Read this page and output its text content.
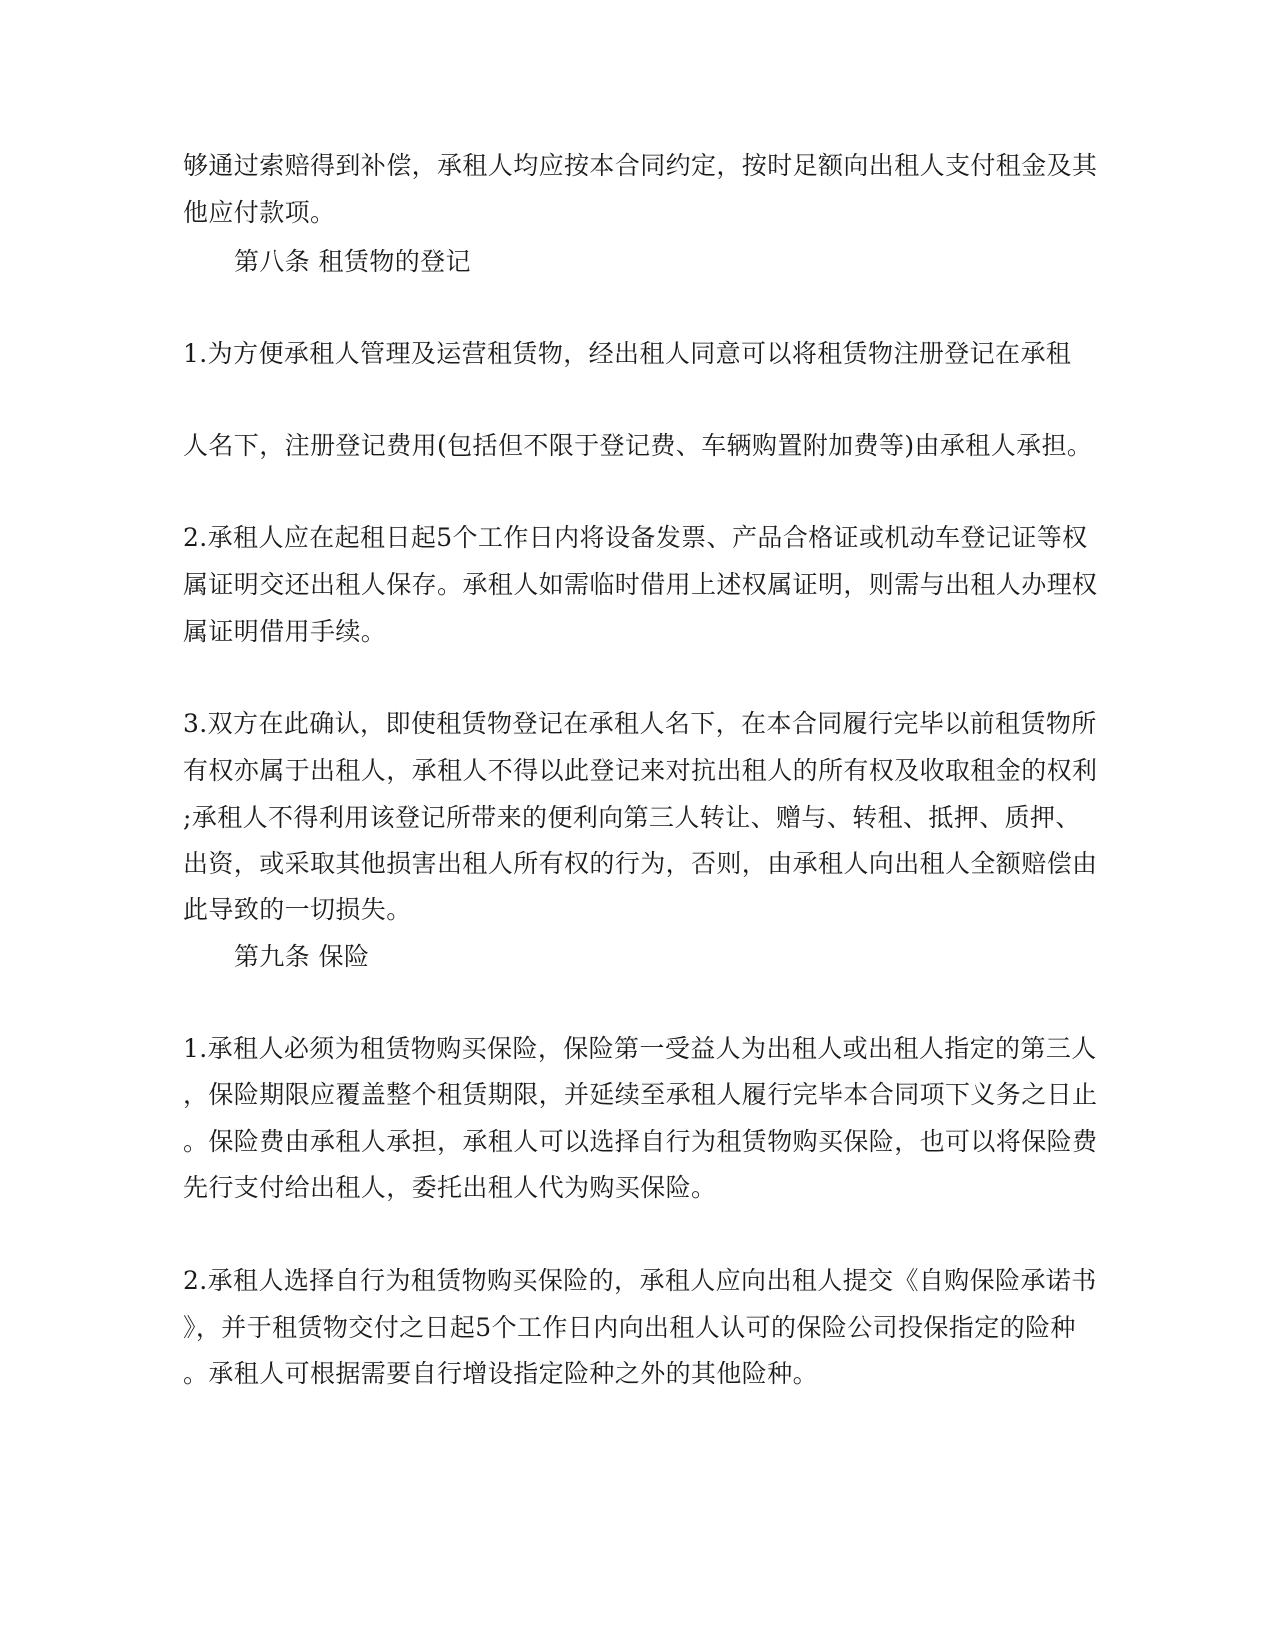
够通过索赔得到补偿，承租人均应按本合同约定，按时足额向出租人支付租金及其
他应付款项。
第八条 租赁物的登记
1.为方便承租人管理及运营租赁物，经出租人同意可以将租赁物注册登记在承租
人名下，注册登记费用(包括但不限于登记费、车辆购置附加费等)由承租人承担。
2.承租人应在起租日起5个工作日内将设备发票、产品合格证或机动车登记证等权
属证明交还出租人保存。承租人如需临时借用上述权属证明，则需与出租人办理权
属证明借用手续。
3.双方在此确认，即使租赁物登记在承租人名下，在本合同履行完毕以前租赁物所
有权亦属于出租人，承租人不得以此登记来对抗出租人的所有权及收取租金的权利
;承租人不得利用该登记所带来的便利向第三人转让、赠与、转租、抵押、质押、
出资，或采取其他损害出租人所有权的行为，否则，由承租人向出租人全额赔偿由
此导致的一切损失。
第九条 保险
1.承租人必须为租赁物购买保险，保险第一受益人为出租人或出租人指定的第三人
，保险期限应覆盖整个租赁期限，并延续至承租人履行完毕本合同项下义务之日止
。保险费由承租人承担，承租人可以选择自行为租赁物购买保险，也可以将保险费
先行支付给出租人，委托出租人代为购买保险。
2.承租人选择自行为租赁物购买保险的，承租人应向出租人提交《自购保险承诺书
》，并于租赁物交付之日起5个工作日内向出租人认可的保险公司投保指定的险种
。承租人可根据需要自行增设指定险种之外的其他险种。
